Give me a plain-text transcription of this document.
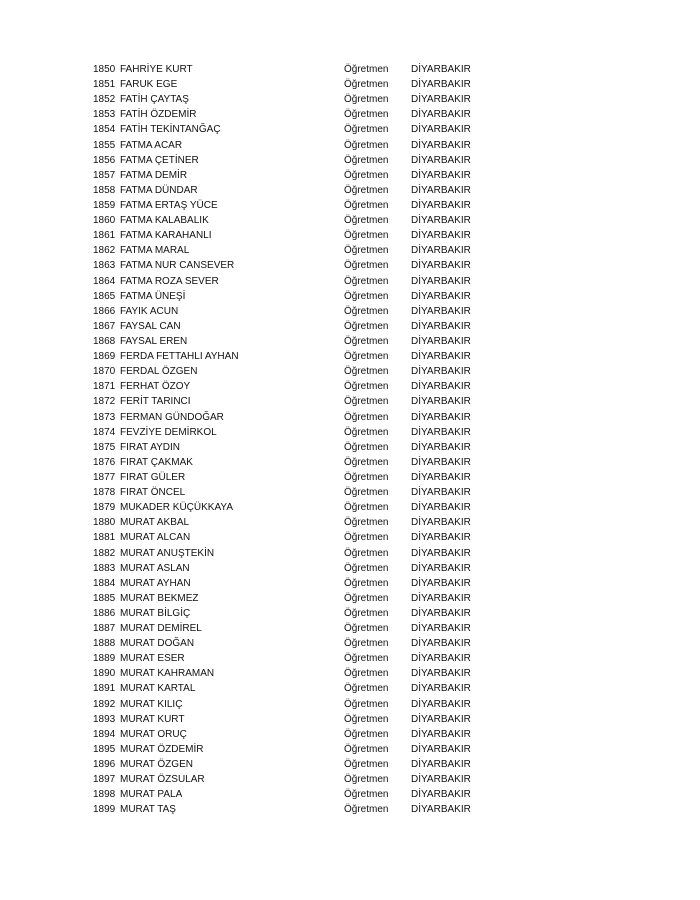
1850 FAHRİYE KURT	Öğretmen DİYARBAKIR
1851 FARUK EGE	Öğretmen DİYARBAKIR
1852 FATİH ÇAYTAŞ	Öğretmen DİYARBAKIR
1853 FATİH ÖZDEMİR	Öğretmen DİYARBAKIR
1854 FATİH TEKİNTANĞAÇ	Öğretmen DİYARBAKIR
1855 FATMA ACAR	Öğretmen DİYARBAKIR
1856 FATMA ÇETİNER	Öğretmen DİYARBAKIR
1857 FATMA DEMİR	Öğretmen DİYARBAKIR
1858 FATMA DÜNDAR	Öğretmen DİYARBAKIR
1859 FATMA ERTAŞ YÜCE	Öğretmen DİYARBAKIR
1860 FATMA KALABALIK	Öğretmen DİYARBAKIR
1861 FATMA KARAHANLI	Öğretmen DİYARBAKIR
1862 FATMA MARAL	Öğretmen DİYARBAKIR
1863 FATMA NUR CANSEVER	Öğretmen DİYARBAKIR
1864 FATMA ROZA SEVER	Öğretmen DİYARBAKIR
1865 FATMA ÜNEŞİ	Öğretmen DİYARBAKIR
1866 FAYIK ACUN	Öğretmen DİYARBAKIR
1867 FAYSAL CAN	Öğretmen DİYARBAKIR
1868 FAYSAL EREN	Öğretmen DİYARBAKIR
1869 FERDA FETTAHLI AYHAN	Öğretmen DİYARBAKIR
1870 FERDAL ÖZGEN	Öğretmen DİYARBAKIR
1871 FERHAT ÖZOY	Öğretmen DİYARBAKIR
1872 FERİT TARINCI	Öğretmen DİYARBAKIR
1873 FERMAN GÜNDOĞAR	Öğretmen DİYARBAKIR
1874 FEVZİYE DEMİRKOL	Öğretmen DİYARBAKIR
1875 FIRAT AYDIN	Öğretmen DİYARBAKIR
1876 FIRAT ÇAKMAK	Öğretmen DİYARBAKIR
1877 FIRAT GÜLER	Öğretmen DİYARBAKIR
1878 FIRAT ÖNCEL	Öğretmen DİYARBAKIR
1879 MUKADER KÜÇÜKKAYA	Öğretmen DİYARBAKIR
1880 MURAT AKBAL	Öğretmen DİYARBAKIR
1881 MURAT ALCAN	Öğretmen DİYARBAKIR
1882 MURAT ANUŞTEKİN	Öğretmen DİYARBAKIR
1883 MURAT ASLAN	Öğretmen DİYARBAKIR
1884 MURAT AYHAN	Öğretmen DİYARBAKIR
1885 MURAT BEKMEZ	Öğretmen DİYARBAKIR
1886 MURAT BİLGİÇ	Öğretmen DİYARBAKIR
1887 MURAT DEMİREL	Öğretmen DİYARBAKIR
1888 MURAT DOĞAN	Öğretmen DİYARBAKIR
1889 MURAT ESER	Öğretmen DİYARBAKIR
1890 MURAT KAHRAMAN	Öğretmen DİYARBAKIR
1891 MURAT KARTAL	Öğretmen DİYARBAKIR
1892 MURAT KILIÇ	Öğretmen DİYARBAKIR
1893 MURAT KURT	Öğretmen DİYARBAKIR
1894 MURAT ORUÇ	Öğretmen DİYARBAKIR
1895 MURAT ÖZDEMİR	Öğretmen DİYARBAKIR
1896 MURAT ÖZGEN	Öğretmen DİYARBAKIR
1897 MURAT ÖZSULAR	Öğretmen DİYARBAKIR
1898 MURAT PALA	Öğretmen DİYARBAKIR
1899 MURAT TAŞ	Öğretmen DİYARBAKIR
